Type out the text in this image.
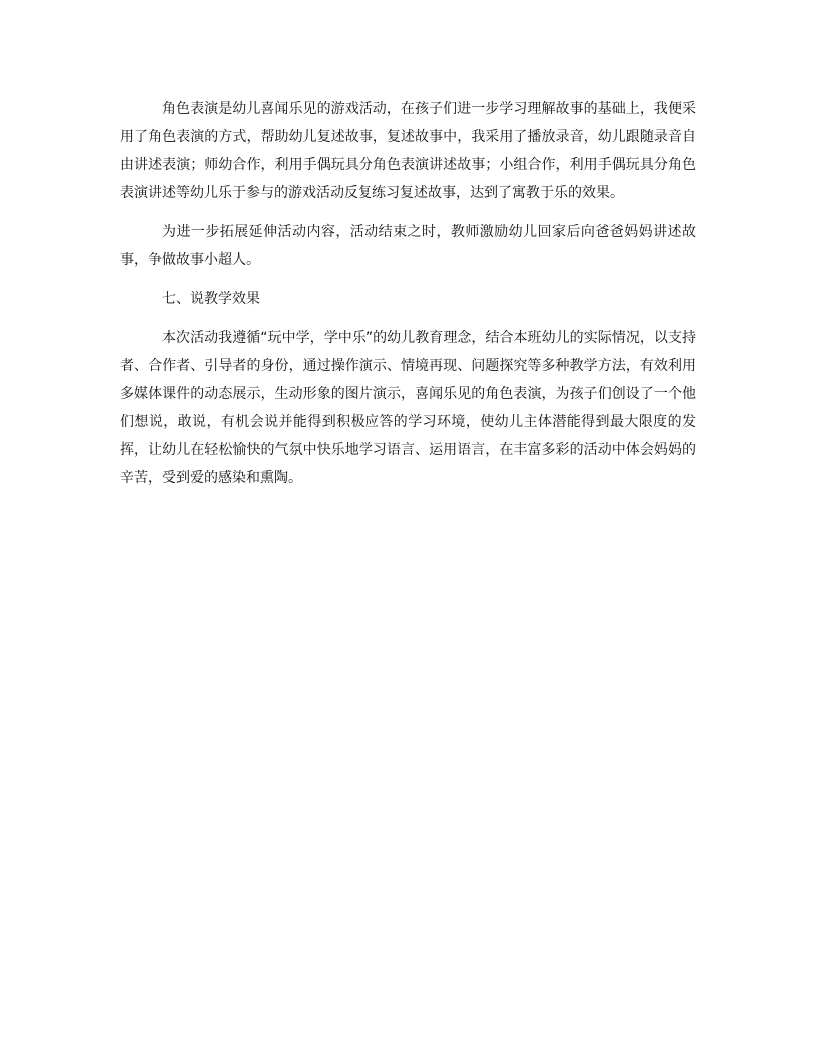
角色表演是幼儿喜闻乐见的游戏活动，在孩子们进一步学习理解故事的基础上，我便采用了角色表演的方式，帮助幼儿复述故事，复述故事中，我采用了播放录音，幼儿跟随录音自由讲述表演；师幼合作，利用手偶玩具分角色表演讲述故事；小组合作，利用手偶玩具分角色表演讲述等幼儿乐于参与的游戏活动反复练习复述故事，达到了寓教于乐的效果。

为进一步拓展延伸活动内容，活动结束之时，教师激励幼儿回家后向爸爸妈妈讲述故事，争做故事小超人。

七、说教学效果

本次活动我遵循“玩中学，学中乐”的幼儿教育理念，结合本班幼儿的实际情况，以支持者、合作者、引导者的身份，通过操作演示、情境再现、问题探究等多种教学方法，有效利用多媒体课件的动态展示，生动形象的图片演示，喜闻乐见的角色表演，为孩子们创设了一个他们想说，敢说，有机会说并能得到积极应答的学习环境，使幼儿主体潜能得到最大限度的发挥，让幼儿在轻松愉快的气氛中快乐地学习语言、运用语言，在丰富多彩的活动中体会妈妈的辛苦，受到爱的感染和熏陶。
